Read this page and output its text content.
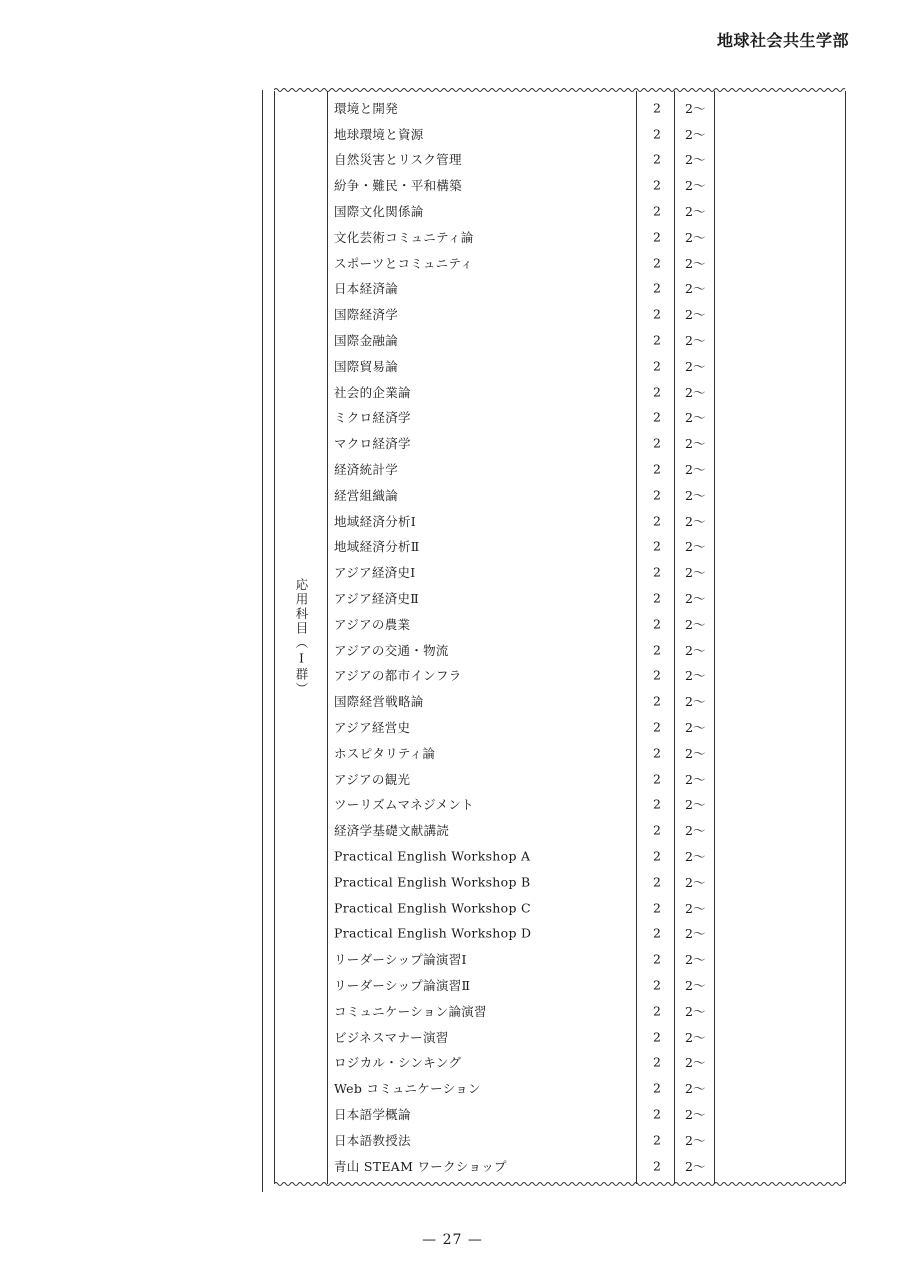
地球社会共生学部
応用科目（Ⅰ群）
環境と開発	2	2〜
地球環境と資源	2	2〜
自然災害とリスク管理	2	2〜
紛争・難民・平和構築	2	2〜
国際文化関係論	2	2〜
文化芸術コミュニティ論	2	2〜
スポーツとコミュニティ	2	2〜
日本経済論	2	2〜
国際経済学	2	2〜
国際金融論	2	2〜
国際貿易論	2	2〜
社会的企業論	2	2〜
ミクロ経済学	2	2〜
マクロ経済学	2	2〜
経済統計学	2	2〜
経営組織論	2	2〜
地域経済分析Ⅰ	2	2〜
地域経済分析Ⅱ	2	2〜
アジア経済史Ⅰ	2	2〜
アジア経済史Ⅱ	2	2〜
アジアの農業	2	2〜
アジアの交通・物流	2	2〜
アジアの都市インフラ	2	2〜
国際経営戦略論	2	2〜
アジア経営史	2	2〜
ホスピタリティ論	2	2〜
アジアの観光	2	2〜
ツーリズムマネジメント	2	2〜
経済学基礎文献講読	2	2〜
Practical English Workshop A	2	2〜
Practical English Workshop B	2	2〜
Practical English Workshop C	2	2〜
Practical English Workshop D	2	2〜
リーダーシップ論演習Ⅰ	2	2〜
リーダーシップ論演習Ⅱ	2	2〜
コミュニケーション論演習	2	2〜
ビジネスマナー演習	2	2〜
ロジカル・シンキング	2	2〜
Web コミュニケーション	2	2〜
日本語学概論	2	2〜
日本語教授法	2	2〜
青山 STEAM ワークショップ	2	2〜
— 27 —
